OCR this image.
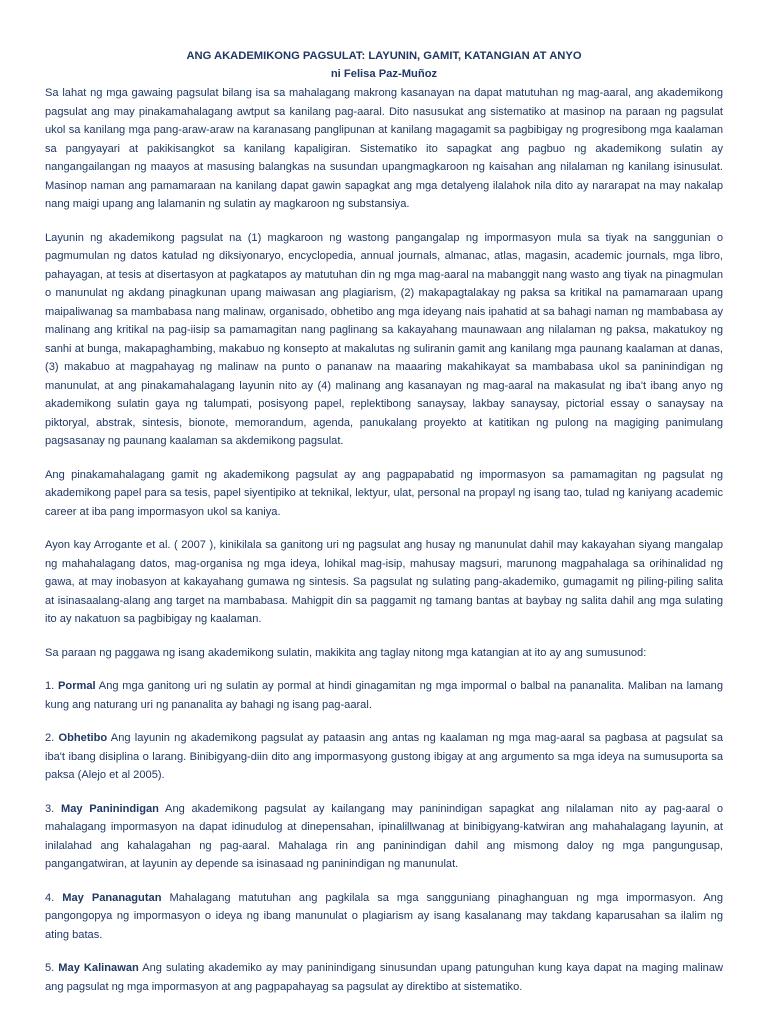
ANG AKADEMIKONG PAGSULAT: LAYUNIN, GAMIT, KATANGIAN AT ANYO
ni Felisa Paz-Muñoz

Sa lahat ng mga gawaing pagsulat bilang isa sa mahalagang makrong kasanayan na dapat matutuhan ng mag-aaral, ang akademikong pagsulat ang may pinakamahalagang awtput sa kanilang pag-aaral. Dito nasusukat ang sistematiko at masinop na paraan ng pagsulat ukol sa kanilang mga pang-araw-araw na karanasang panglipunan at kanilang magagamit sa pagbibigay ng progresibong mga kaalaman sa pangyayari at pakikisangkot sa kanilang kapaligiran. Sistematiko ito sapagkat ang pagbuo ng akademikong sulatin ay nangangailangan ng maayos at masusing balangkas na susundan upangmagkaroon ng kaisahan ang nilalaman ng kanilang isinusulat. Masinop naman ang pamamaraan na kanilang dapat gawin sapagkat ang mga detalyeng ilalahok nila dito ay nararapat na may nakalap nang maigi upang ang lalamanin ng sulatin ay magkaroon ng substansiya.

Layunin ng akademikong pagsulat na (1) magkaroon ng wastong pangangalap ng impormasyon mula sa tiyak na sanggunian o pagmumulan ng datos katulad ng diksiyonaryo, encyclopedia, annual journals, almanac, atlas, magasin, academic journals, mga libro, pahayagan, at tesis at disertasyon at pagkatapos ay matutuhan din ng mga mag-aaral na mabanggit nang wasto ang tiyak na pinagmulan o manunulat ng akdang pinagkunan upang maiwasan ang plagiarism, (2) makapagtalakay ng paksa sa kritikal na pamamaraan upang maipaliwanag sa mambabasa nang malinaw, organisado, obhetibo ang mga ideyang nais ipahatid at sa bahagi naman ng mambabasa ay malinang ang kritikal na pag-iisip sa pamamagitan nang paglinang sa kakayahang maunawaan ang nilalaman ng paksa, makatukoy ng sanhi at bunga, makapaghambing, makabuo ng konsepto at makalutas ng suliranin gamit ang kanilang mga paunang kaalaman at danas, (3) makabuo at magpahayag ng malinaw na punto o pananaw na maaaring makahikayat sa mambabasa ukol sa paninindigan ng manunulat, at ang pinakamahalagang layunin nito ay (4) malinang ang kasanayan ng mag-aaral na makasulat ng iba't ibang anyo ng akademikong sulatin gaya ng talumpati, posisyong papel, replektibong sanaysay, lakbay sanaysay, pictorial essay o sanaysay na piktoryal, abstrak, sintesis, bionote, memorandum, agenda, panukalang proyekto at katitikan ng pulong na magiging panimulang pagsasanay ng paunang kaalaman sa akdemikong pagsulat.

Ang pinakamahalagang gamit ng akademikong pagsulat ay ang pagpapabatid ng impormasyon sa pamamagitan ng pagsulat ng akademikong papel para sa tesis, papel siyentipiko at teknikal, lektyur, ulat, personal na propayl ng isang tao, tulad ng kaniyang academic career at iba pang impormasyon ukol sa kaniya.

Ayon kay Arrogante et al. ( 2007 ), kinikilala sa ganitong uri ng pagsulat ang husay ng manunulat dahil may kakayahan siyang mangalap ng mahahalagang datos, mag-organisa ng mga ideya, lohikal mag-isip, mahusay magsuri, marunong magpahalaga sa orihinalidad ng gawa, at may inobasyon at kakayahang gumawa ng sintesis. Sa pagsulat ng sulating pang-akademiko, gumagamit ng piling-piling salita at isinasaalang-alang ang target na mambabasa. Mahigpit din sa paggamit ng tamang bantas at baybay ng salita dahil ang mga sulating ito ay nakatuon sa pagbibigay ng kaalaman.

Sa paraan ng paggawa ng isang akademikong sulatin, makikita ang taglay nitong mga katangian at ito ay ang sumusunod:

1. Pormal Ang mga ganitong uri ng sulatin ay pormal at hindi ginagamitan ng mga impormal o balbal na pananalita. Maliban na lamang kung ang naturang uri ng pananalita ay bahagi ng isang pag-aaral.

2. Obhetibo Ang layunin ng akademikong pagsulat ay pataasin ang antas ng kaalaman ng mga mag-aaral sa pagbasa at pagsulat sa iba't ibang disiplina o larang. Binibigyang-diin dito ang impormasyong gustong ibigay at ang argumento sa mga ideya na sumusuporta sa paksa (Alejo et al 2005).

3. May Paninindigan Ang akademikong pagsulat ay kailangang may paninindigan sapagkat ang nilalaman nito ay pag-aaral o mahalagang impormasyon na dapat idinudulog at dinepensahan, ipinalillwanag at binibigyang-katwiran ang mahahalagang layunin, at inilalahad ang kahalagahan ng pag-aaral. Mahalaga rin ang paninindigan dahil ang mismong daloy ng mga pangungusap, pangangatwiran, at layunin ay depende sa isinasaad ng paninindigan ng manunulat.

4. May Pananagutan Mahalagang matutuhan ang pagkilala sa mga sangguniang pinaghanguan ng mga impormasyon. Ang pangongopya ng impormasyon o ideya ng ibang manunulat o plagiarism ay isang kasalanang may takdang kaparusahan sa ilalim ng ating batas.

5. May Kalinawan Ang sulating akademiko ay may paninindigang sinusundan upang patunguhan kung kaya dapat na maging malinaw ang pagsulat ng mga impormasyon at ang pagpapahayag sa pagsulat ay direktibo at sistematiko.
